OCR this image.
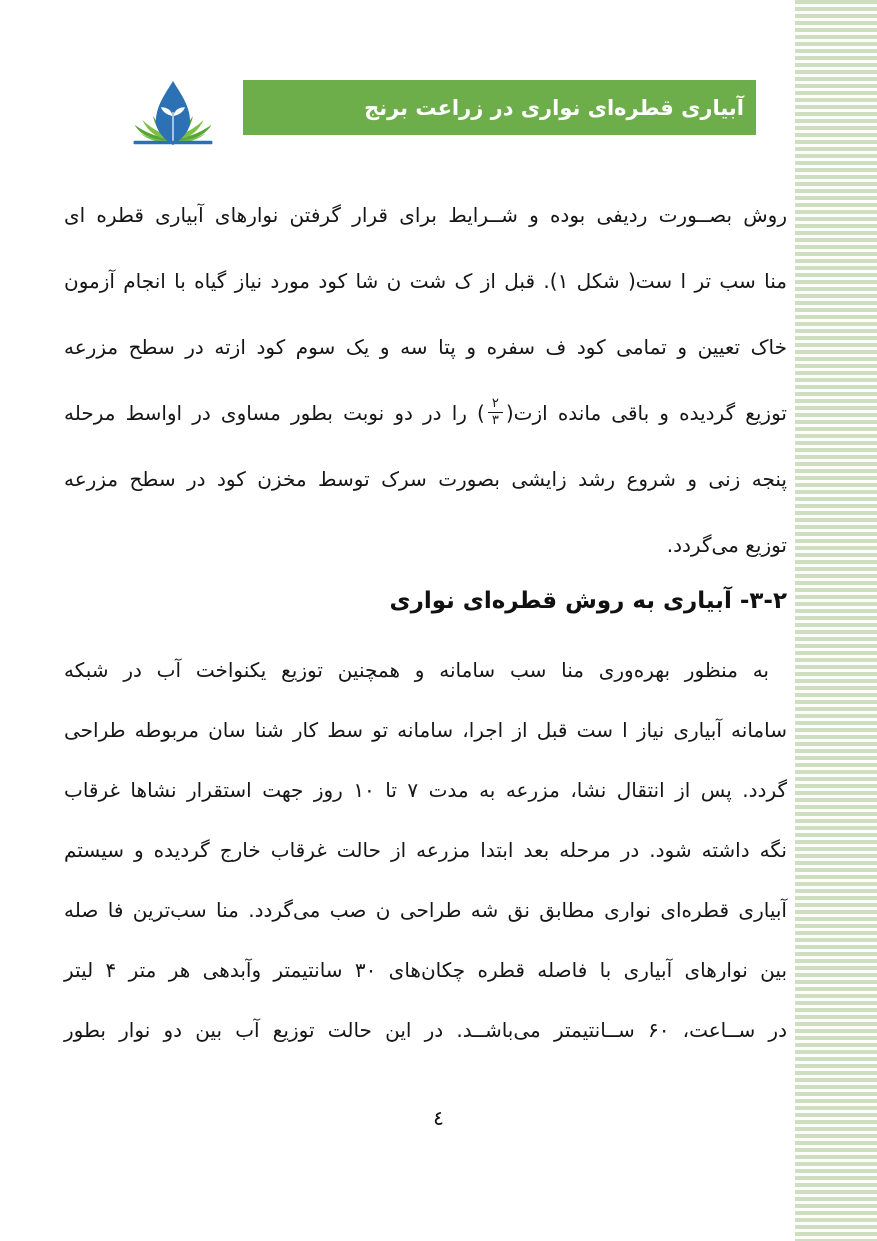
آبیاری قطره‌ای نواری در زراعت برنج
روش بصــورت ردیفی بوده و شــرایط برای قرار گرفتن نوارهای آبیاری قطره ای
منا سب تر ا ست( شکل ۱). قبل از ک شت ن شا کود مورد نیاز گیاه با انجام آزمون
خاک تعیین و تمامی کود ف سفره و پتا سه و یک سوم کود ازته در سطح مزرعه
توزیع گردیده و باقی مانده ازت(
$\frac{۲}{۳}$
) را در دو نوبت بطور مساوی در اواسط مرحله
پنجه زنی و شروع رشد زایشی بصورت سرک توسط مخزن کود در سطح مزرعه
توزیع می‌گردد.
۲-۳-آبیاری به روش قطره‌ای نواری
به منظور بهره‌وری منا سب سامانه و همچنین توزیع یکنواخت آب در شبکه
سامانه آبیاری نیاز ا ست قبل از اجرا، سامانه تو سط کار شنا سان مربوطه طراحی
گردد. پس از انتقال نشا، مزرعه به مدت ۷ تا ۱۰ روز جهت استقرار نشاها غرقاب
نگه داشته شود. در مرحله بعد ابتدا مزرعه از حالت غرقاب خارج گردیده و سیستم
آبیاری قطره‌ای نواری مطابق نق شه طراحی ن صب می‌گردد. منا سب‌ترین فا صله
بین نوارهای آبیاری با فاصله قطره چکان‌های ۳۰ سانتیمتر وآبدهی هر متر ۴ لیتر
در ســاعت، ۶۰ ســانتیمتر می‌باشــد. در این حالت توزیع آب بین دو نوار بطور
٤
